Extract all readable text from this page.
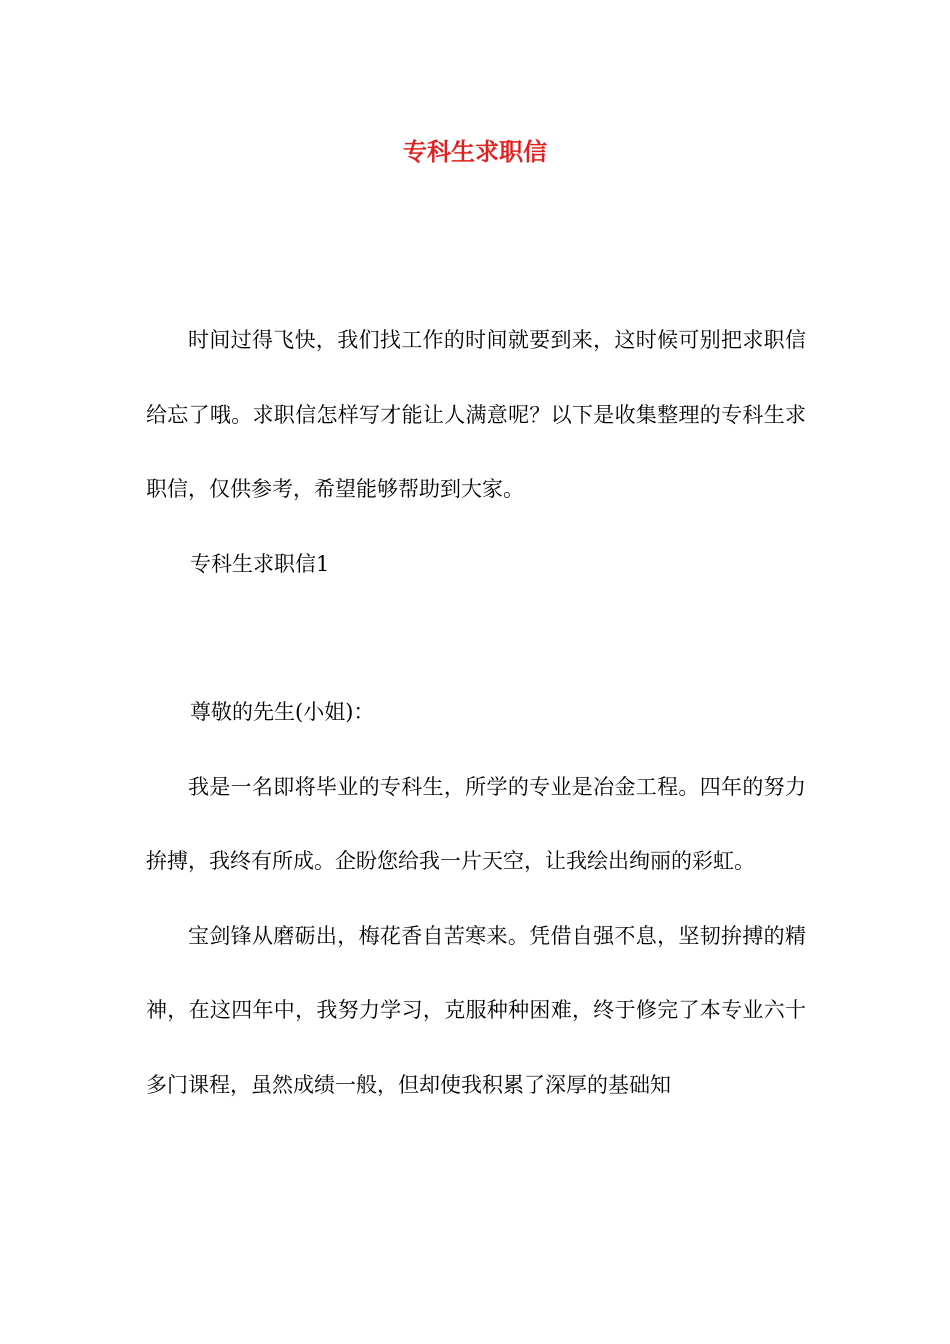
专科生求职信

时间过得飞快，我们找工作的时间就要到来，这时候可别把求职信给忘了哦。求职信怎样写才能让人满意呢？以下是收集整理的专科生求职信，仅供参考，希望能够帮助到大家。

专科生求职信1

尊敬的先生(小姐)：

我是一名即将毕业的专科生，所学的专业是冶金工程。四年的努力拚搏，我终有所成。企盼您给我一片天空，让我绘出绚丽的彩虹。

宝剑锋从磨砺出，梅花香自苦寒来。凭借自强不息，坚韧拚搏的精神，在这四年中，我努力学习，克服种种困难，终于修完了本专业六十多门课程，虽然成绩一般，但却使我积累了深厚的基础知
